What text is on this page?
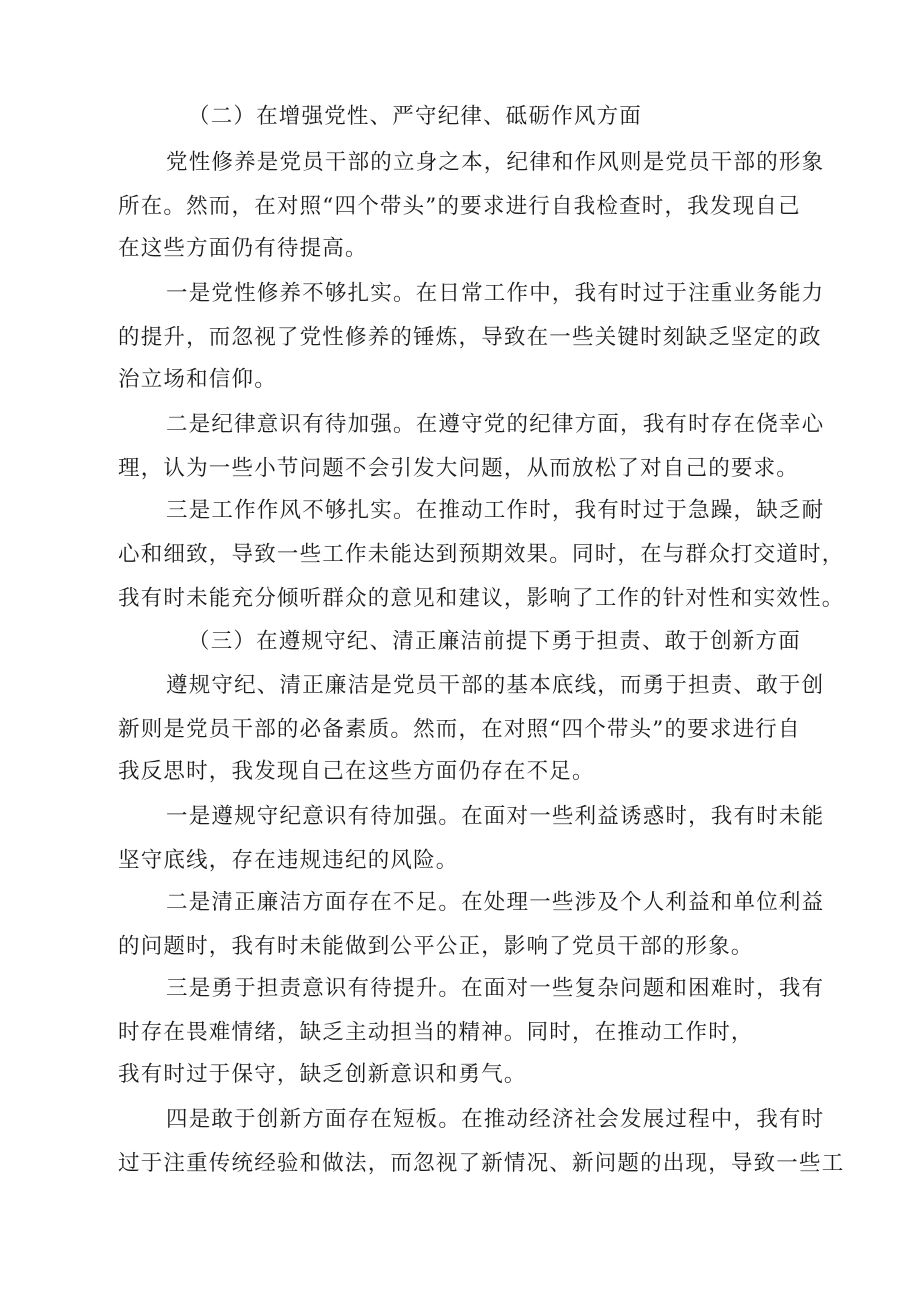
（二）在增强党性、严守纪律、砥砺作风方面
党性修养是党员干部的立身之本，纪律和作风则是党员干部的形象
所在。然而，在对照“四个带头”的要求进行自我检查时，我发现自己
在这些方面仍有待提高。
一是党性修养不够扎实。在日常工作中，我有时过于注重业务能力
的提升，而忽视了党性修养的锤炼，导致在一些关键时刻缺乏坚定的政
治立场和信仰。
二是纪律意识有待加强。在遵守党的纪律方面，我有时存在侥幸心
理，认为一些小节问题不会引发大问题，从而放松了对自己的要求。
三是工作作风不够扎实。在推动工作时，我有时过于急躁，缺乏耐
心和细致，导致一些工作未能达到预期效果。同时，在与群众打交道时，
我有时未能充分倾听群众的意见和建议，影响了工作的针对性和实效性。
（三）在遵规守纪、清正廉洁前提下勇于担责、敢于创新方面
遵规守纪、清正廉洁是党员干部的基本底线，而勇于担责、敢于创
新则是党员干部的必备素质。然而，在对照“四个带头”的要求进行自
我反思时，我发现自己在这些方面仍存在不足。
一是遵规守纪意识有待加强。在面对一些利益诱惑时，我有时未能
坚守底线，存在违规违纪的风险。
二是清正廉洁方面存在不足。在处理一些涉及个人利益和单位利益
的问题时，我有时未能做到公平公正，影响了党员干部的形象。
三是勇于担责意识有待提升。在面对一些复杂问题和困难时，我有
时存在畏难情绪，缺乏主动担当的精神。同时，在推动工作时，
我有时过于保守，缺乏创新意识和勇气。
四是敢于创新方面存在短板。在推动经济社会发展过程中，我有时
过于注重传统经验和做法，而忽视了新情况、新问题的出现，导致一些工
